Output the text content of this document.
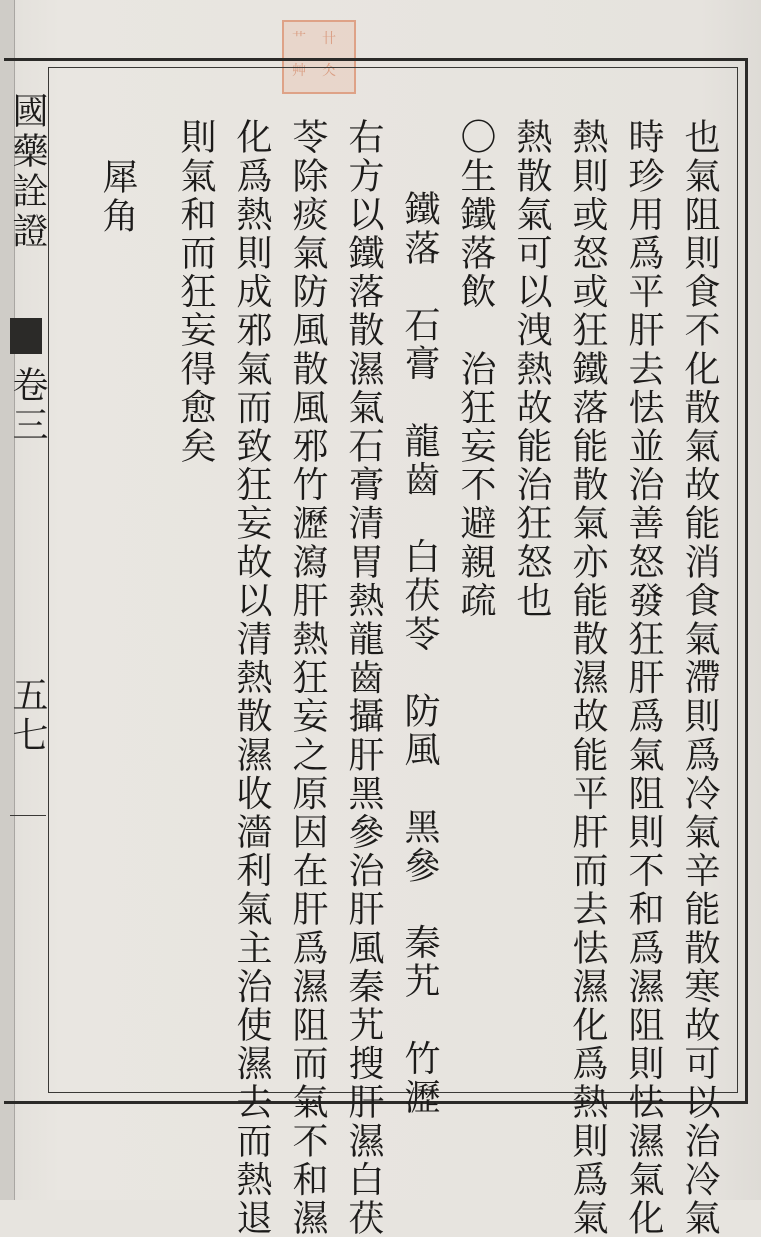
艹 卄
艸 仌
國藥詮證
卷三
五七	也氣阻則食不化散氣故能消食氣滯則爲冷氣辛能散寒故可以治冷氣
時珍用爲平肝去怯並治善怒發狂肝爲氣阻則不和爲濕阻則怯濕氣化
熱則或怒或狂鐵落能散氣亦能散濕故能平肝而去怯濕化爲熱則爲氣
熱散氣可以洩熱故能治狂怒也
〇生鐵落飲　治狂妄不避親疏
鐵落　石膏　龍齒　白茯苓　防風　黑參　秦艽　竹瀝
右方以鐵落散濕氣石膏清胃熱龍齒攝肝黑參治肝風秦艽搜肝濕白茯
苓除痰氣防風散風邪竹瀝瀉肝熱狂妄之原因在肝爲濕阻而氣不和濕
化爲熱則成邪氣而致狂妄故以清熱散濕收濇利氣主治使濕去而熱退
則氣和而狂妄得愈矣
犀角
